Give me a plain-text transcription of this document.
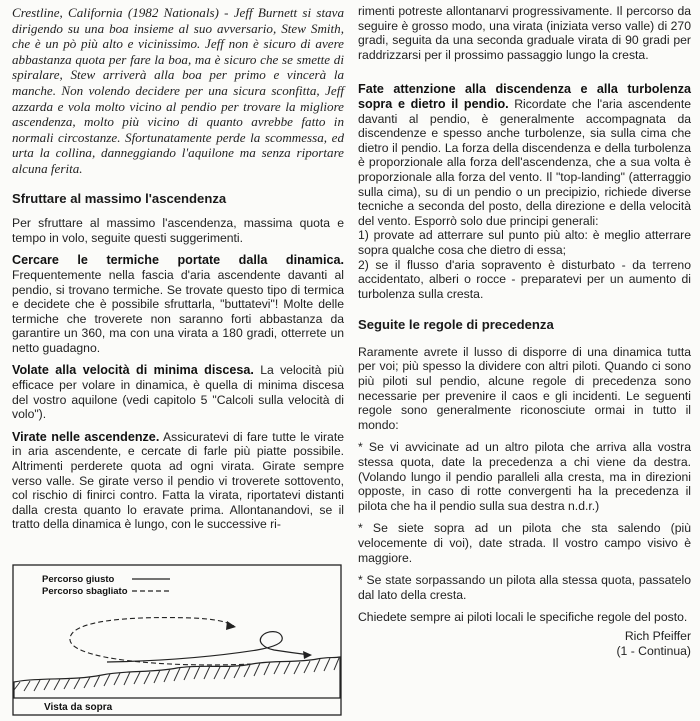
Crestline, California (1982 Nationals) - Jeff Burnett si stava dirigendo su una boa insieme al suo avversario, Stew Smith, che è un pò più alto e vicinissimo. Jeff non è sicuro di avere abbastanza quota per fare la boa, ma è sicuro che se smette di spiralare, Stew arriverà alla boa per primo e vincerà la manche. Non volendo decidere per una sicura sconfitta, Jeff azzarda e vola molto vicino al pendio per trovare la migliore ascendenza, molto più vicino di quanto avrebbe fatto in normali circostanze. Sfortunatamente perde la scommessa, ed urta la collina, danneggiando l'aquilone ma senza riportare alcuna ferita.

Sfruttare al massimo l'ascendenza

Per sfruttare al massimo l'ascendenza, massima quota e tempo in volo, seguite questi suggerimenti.

Cercare le termiche portate dalla dinamica. Frequentemente nella fascia d'aria ascendente davanti al pendio, si trovano termiche. Se trovate questo tipo di termica e decidete che è possibile sfruttarla, "buttatevi"! Molte delle termiche che troverete non saranno forti abbastanza da garantire un 360, ma con una virata a 180 gradi, otterrete un netto guadagno.

Volate alla velocità di minima discesa. La velocità più efficace per volare in dinamica, è quella di minima discesa del vostro aquilone (vedi capitolo 5 "Calcoli sulla velocità di volo").

Virate nelle ascendenze. Assicuratevi di fare tutte le virate in aria ascendente, e cercate di farle più piatte possibile. Altrimenti perderete quota ad ogni virata. Girate sempre verso valle. Se girate verso il pendio vi troverete sottovento, col rischio di finirci contro. Fatta la virata, riportatevi distanti dalla cresta quanto lo eravate prima. Allontanandovi, se il tratto della dinamica è lungo, con le successive ri-

Percorso giusto
Percorso sbagliato
Vista da sopra

rimenti potreste allontanarvi progressivamente. Il percorso da seguire è grosso modo, una virata (iniziata verso valle) di 270 gradi, seguita da una seconda graduale virata di 90 gradi per raddrizzarsi per il prossimo passaggio lungo la cresta.

Fate attenzione alla discendenza e alla turbolenza sopra e dietro il pendio. Ricordate che l'aria ascendente davanti al pendio, è generalmente accompagnata da discendenze e spesso anche turbolenze, sia sulla cima che dietro il pendio. La forza della discendenza e della turbolenza è proporzionale alla forza dell'ascendenza, che a sua volta è proporzionale alla forza del vento. Il "top-landing" (atterraggio sulla cima), su di un pendio o un precipizio, richiede diverse tecniche a seconda del posto, della direzione e della velocità del vento. Esporrò solo due principi generali:

1) provate ad atterrare sul punto più alto: è meglio atterrare sopra qualche cosa che dietro di essa;

2) se il flusso d'aria sopravento è disturbato - da terreno accidentato, alberi o rocce - preparatevi per un aumento di turbolenza sulla cresta.

Seguite le regole di precedenza

Raramente avrete il lusso di disporre di una dinamica tutta per voi; più spesso la dividere con altri piloti. Quando ci sono più piloti sul pendio, alcune regole di precedenza sono necessarie per prevenire il caos e gli incidenti. Le seguenti regole sono generalmente riconosciute ormai in tutto il mondo:

* Se vi avvicinate ad un altro pilota che arriva alla vostra stessa quota, date la precedenza a chi viene da destra. (Volando lungo il pendio paralleli alla cresta, ma in direzioni opposte, in caso di rotte convergenti ha la precedenza il pilota che ha il pendio sulla sua destra n.d.r.)

* Se siete sopra ad un pilota che sta salendo (più velocemente di voi), date strada. Il vostro campo visivo è maggiore.

* Se state sorpassando un pilota alla stessa quota, passatelo dal lato della cresta.

Chiedete sempre ai piloti locali le specifiche regole del posto.

Rich Pfeiffer

(1 - Continua)
